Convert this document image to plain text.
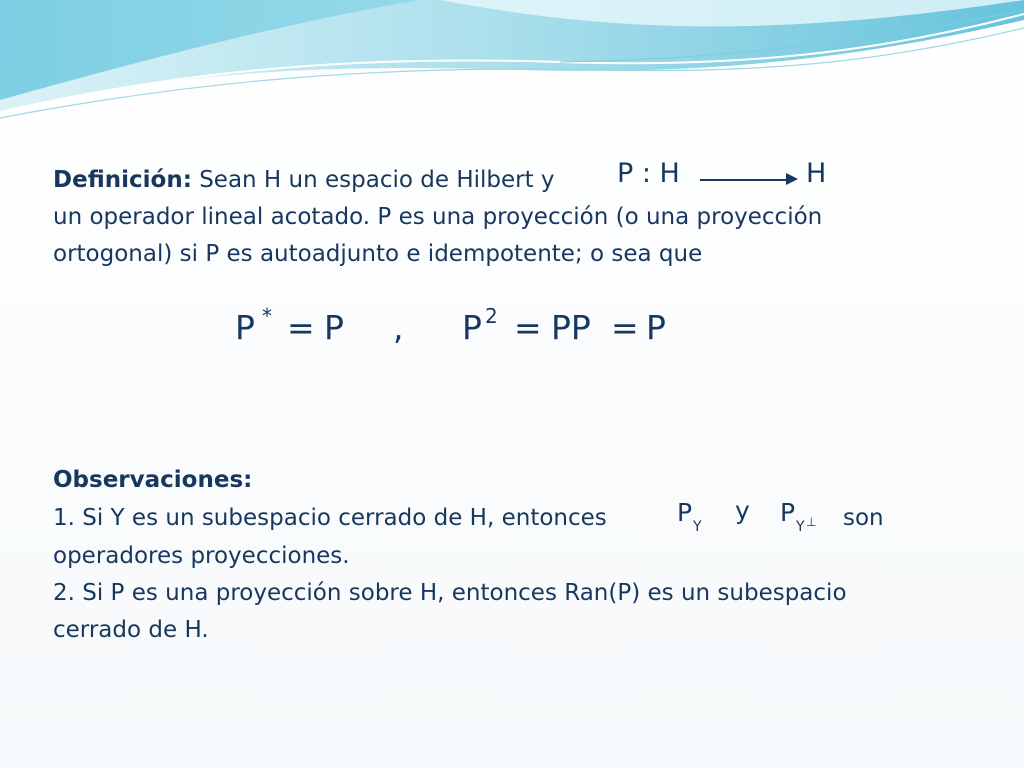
Definición: Sean H un espacio de Hilbert y P : H	H
un operador lineal acotado. P es una proyección (o una proyección
ortogonal) si P es autoadjunto e idempotente; o sea que
P * = P , P 2 = PP = P
Observaciones:
1. Si Y es un subespacio cerrado de H, entonces	P Y
y P Y ⊥ son
operadores proyecciones.
2. Si P es una proyección sobre H, entonces Ran(P) es un subespacio
cerrado de H.
